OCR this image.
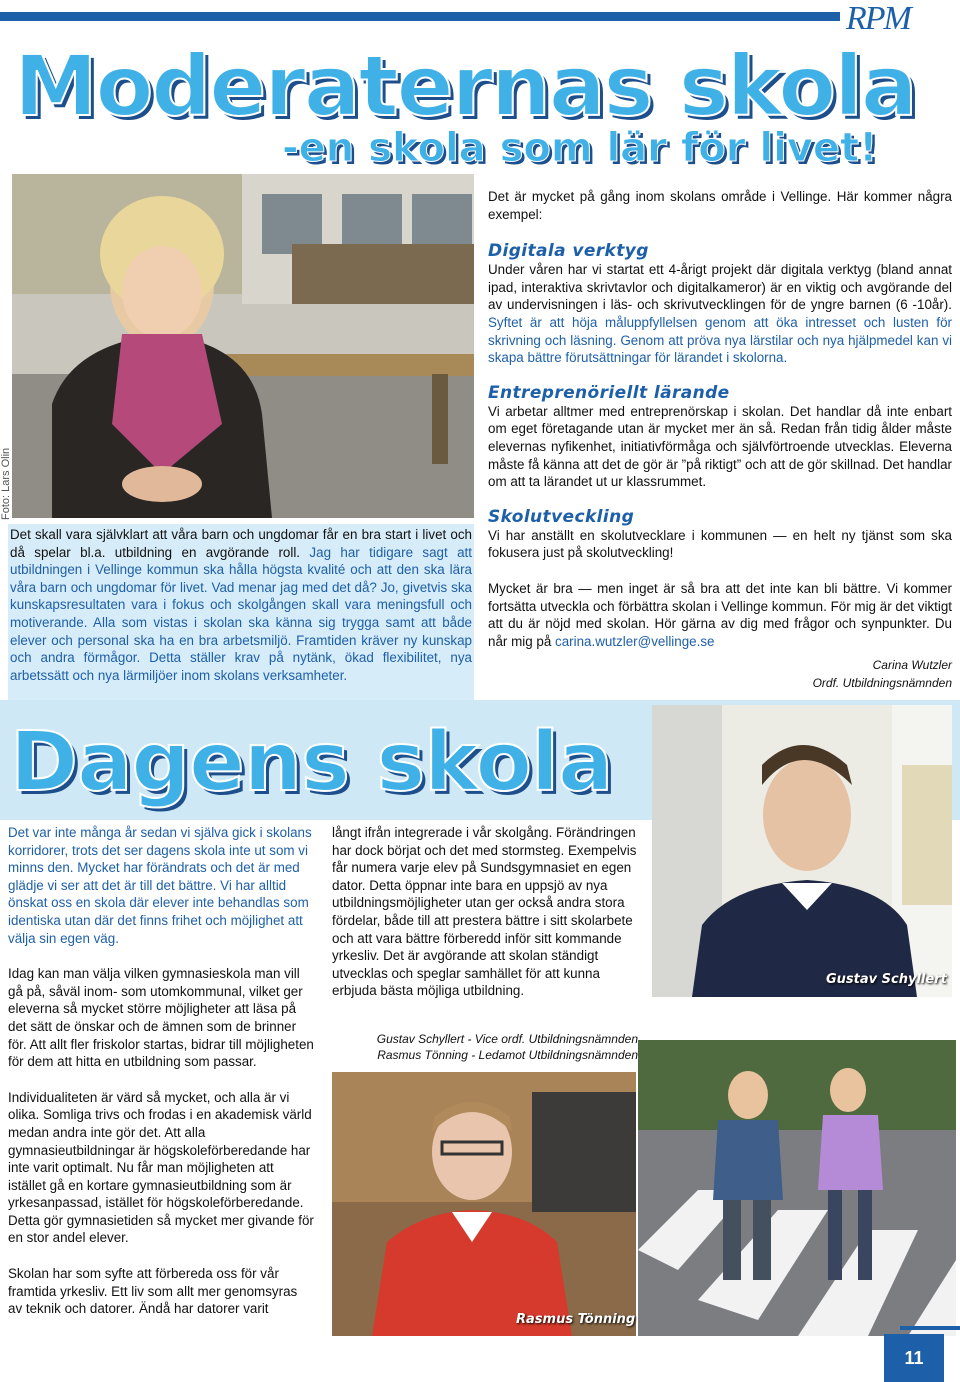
RPM
Moderaternas skola
-en skola som lär för livet!
Foto: Lars Olin

Det skall vara självklart att våra barn och ungdomar får en bra start i livet och då spelar bl.a. utbildning en avgörande roll. Jag har tidigare sagt att utbildningen i Vellinge kommun ska hålla högsta kvalité och att den ska lära våra barn och ungdomar för livet. Vad menar jag med det då? Jo, givetvis ska kunskapsresultaten vara i fokus och skolgången skall vara meningsfull och motiverande. Alla som vistas i skolan ska känna sig trygga samt att både elever och personal ska ha en bra arbetsmiljö. Framtiden kräver ny kunskap och andra förmågor. Detta ställer krav på nytänk, ökad flexibilitet, nya arbetssätt och nya lärmiljöer inom skolans verksamheter.

Det är mycket på gång inom skolans område i Vellinge. Här kommer några exempel:

Digitala verktyg

Under våren har vi startat ett 4-årigt projekt där digitala verktyg (bland annat ipad, interaktiva skrivtavlor och digitalkameror) är en viktig och avgörande del av undervisningen i läs- och skrivutvecklingen för de yngre barnen (6 -10år). Syftet är att höja måluppfyllelsen genom att öka intresset och lusten för skrivning och läsning. Genom att pröva nya lärstilar och nya hjälpmedel kan vi skapa bättre förutsättningar för lärandet i skolorna.

Entreprenöriellt lärande

Vi arbetar alltmer med entreprenörskap i skolan. Det handlar då inte enbart om eget företagande utan är mycket mer än så. Redan från tidig ålder måste elevernas nyfikenhet, initiativförmåga och självförtroende utvecklas. Eleverna måste få känna att det de gör är ”på riktigt” och att de gör skillnad. Det handlar om att ta lärandet ut ur klassrummet.

Skolutveckling

Vi har anställt en skolutvecklare i kommunen — en helt ny tjänst som ska fokusera just på skolutveckling!

Mycket är bra — men inget är så bra att det inte kan bli bättre. Vi kommer fortsätta utveckla och förbättra skolan i Vellinge kommun. För mig är det viktigt att du är nöjd med skolan. Hör gärna av dig med frågor och synpunkter. Du når mig på carina.wutzler@vellinge.se

Carina Wutzler

Ordf. Utbildningsnämnden

Dagens skola
Gustav Schyllert

Det var inte många år sedan vi själva gick i skolans korridorer, trots det ser dagens skola inte ut som vi minns den. Mycket har förändrats och det är med glädje vi ser att det är till det bättre. Vi har alltid önskat oss en skola där elever inte behandlas som identiska utan där det finns frihet och möjlighet att välja sin egen väg.

Idag kan man välja vilken gymnasieskola man vill gå på, såväl inom- som utomkommunal, vilket ger eleverna så mycket större möjligheter att läsa på det sätt de önskar och de ämnen som de brinner för. Att allt fler friskolor startas, bidrar till möjligheten för dem att hitta en utbildning som passar.

Individualiteten är värd så mycket, och alla är vi olika. Somliga trivs och frodas i en akademisk värld medan andra inte gör det. Att alla gymnasieutbildningar är högskoleförberedande har inte varit optimalt. Nu får man möjligheten att istället gå en kortare gymnasieutbildning som är yrkesanpassad, istället för högskoleförberedande. Detta gör gymnasietiden så mycket mer givande för en stor andel elever.

Skolan har som syfte att förbereda oss för vår framtida yrkesliv. Ett liv som allt mer genomsyras av teknik och datorer. Ändå har datorer varit

långt ifrån integrerade i vår skolgång. Förändringen har dock börjat och det med stormsteg. Exempelvis får numera varje elev på Sundsgymnasiet en egen dator. Detta öppnar inte bara en uppsjö av nya utbildningsmöjligheter utan ger också andra stora fördelar, både till att prestera bättre i sitt skolarbete och att vara bättre förberedd inför sitt kommande yrkesliv. Det är avgörande att skolan ständigt utvecklas och speglar samhället för att kunna erbjuda bästa möjliga utbildning.

Gustav Schyllert - Vice ordf. Utbildningsnämnden
Rasmus Tönning - Ledamot Utbildningsnämnden
Rasmus Tönning
11
